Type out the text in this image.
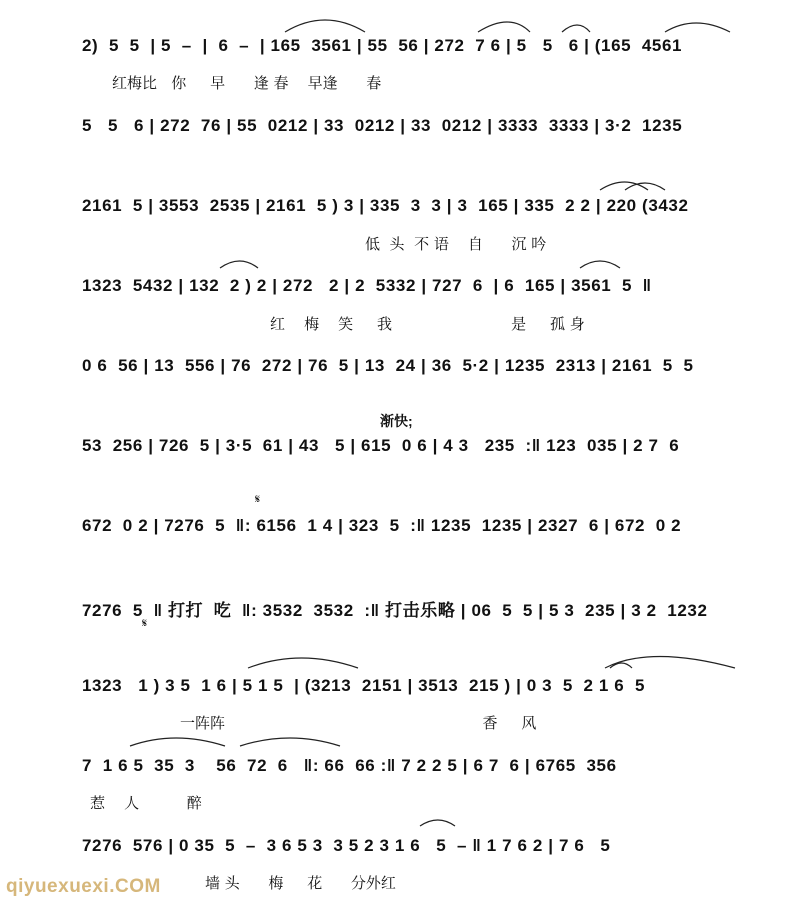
2)  5  5  | 5  –  |  6  –  | 165  3561 | 55  56 | 272  7 6 | 5   5   6 | (165  4561
5   5   6 | 272  76 | 55  0212 | 33  0212 | 33  0212 | 3333  3333 | 3·2  1235
2161  5 | 3553  2535 | 2161  5 ) 3 | 335  3  3 | 3  165 | 335  2 2 | 220 (3432
1323  5432 | 132  2 ) 2 | 272   2 | 2  5332 | 727  6  | 6  165 | 3561  5  ‖
0 6  56 | 13  556 | 76  272 | 76  5 | 13  24 | 36  5·2 | 1235  2313 | 2161  5  5
53  256 | 726  5 | 3·5  61 | 43   5 | 615  0 6 | 4 3   235  :‖ 123  035 | 2 7  6
672  0 2 | 7276  5  ‖: 6156  1 4 | 323  5  :‖ 1235  1235 | 2327  6 | 672  0 2
7276  5  ‖ 打打  吃  ‖: 3532  3532  :‖ 打击乐略 | 06  5  5 | 5 3  235 | 3 2  1232
1323   1 ) 3 5  1 6 | 5 1 5  | (3213  2151 | 3513  215 ) | 0 3  5  2 1 6  5
7  1 6 5  35  3    56  72  6   ‖: 66  66 :‖ 7 2 2 5 | 6 7  6 | 6765  356
7276  576 | 0 35  5  –  3 6 5 3  3 5 2 3 1 6   5  – ‖ 1 7 6 2 | 7 6   5
红梅比   你     早      逢 春    早逢      春
低  头  不 语    自      沉 吟
红    梅    笑     我                         是     孤 身
一阵阵                                                      香     风
惹    人          醉
墙 头      梅     花      分外红
渐快;
𝄋
𝄋
qiyuexuexi.COM
